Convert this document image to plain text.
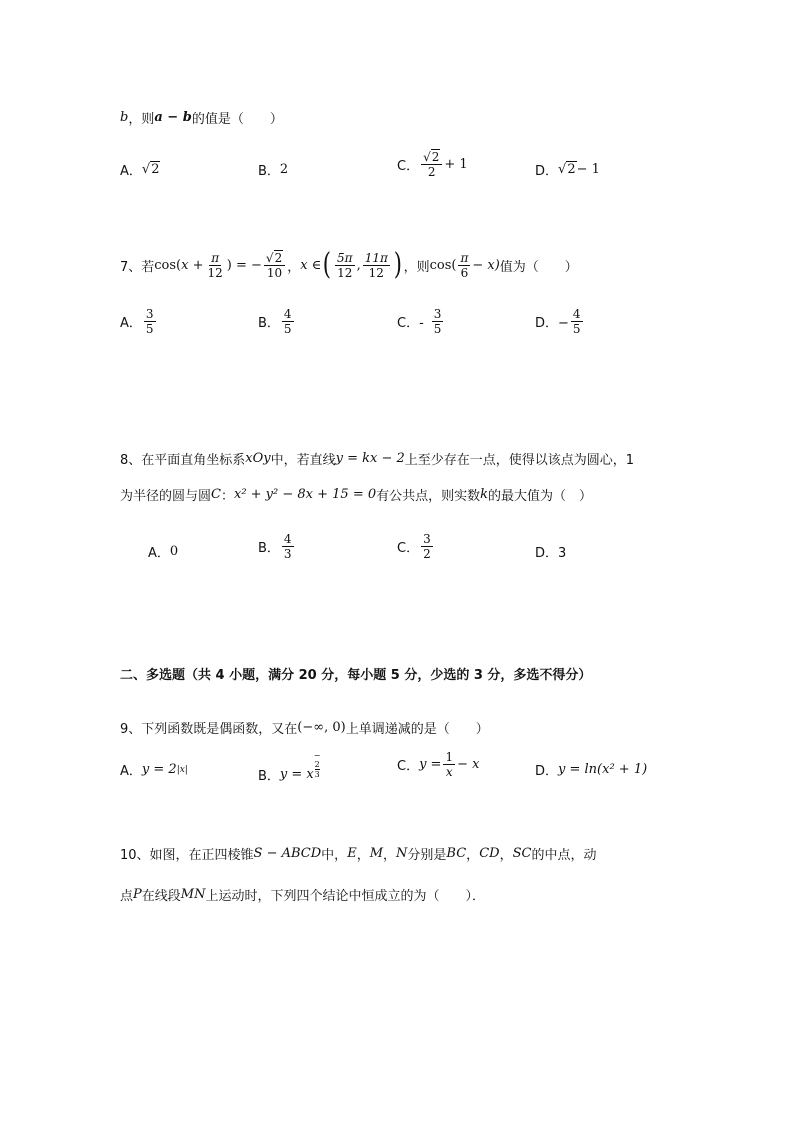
b ，则 a − b 的值是（　　）
A． √2	B． 2	C． $\frac{√2}{2} + 1$	D． √2 − 1
7、若 cos( $x + \frac{\pi}{12}$ ) = − $\frac{√2}{10}$ ， x ∈ ( $\frac{5\pi}{12}$ , $\frac{11\pi}{12}$ ) ，则 $\cos( \frac{\pi}{6} - x)$ 值为（　　）
A． $\frac{3}{5}$	B． $\frac{4}{5}$	C．- $\frac{3}{5}$	D．− $\frac{4}{5}$
8、在平面直角坐标系 xOy 中，若直线 y = kx − 2 上至少存在一点，使得以该点为圆心，1
为半径的圆与圆 C ： x² + y² − 8x + 15 = 0 有公共点，则实数 k 的最大值为（　）
A． 0	B． $\frac{4}{3}$	C． $\frac{3}{2}$	D．3
二、多选题（共 4 小题，满分 20 分，每小题 5 分，少选的 3 分，多选不得分）
9、下列函数既是偶函数，又在 (−∞, 0) 上单调递减的是（　　）
A． y = 2 |x|	B． y = x
−
2
3
C． $y = \frac{1}{x} - x$	D． y = ln(x² + 1)
10、如图，在正四棱锥 S − ABCD 中， E ， M ， N 分别是 BC ， CD ， SC 的中点，动
点 P 在线段 MN 上运动时，下列四个结论中恒成立的为（　　）．
